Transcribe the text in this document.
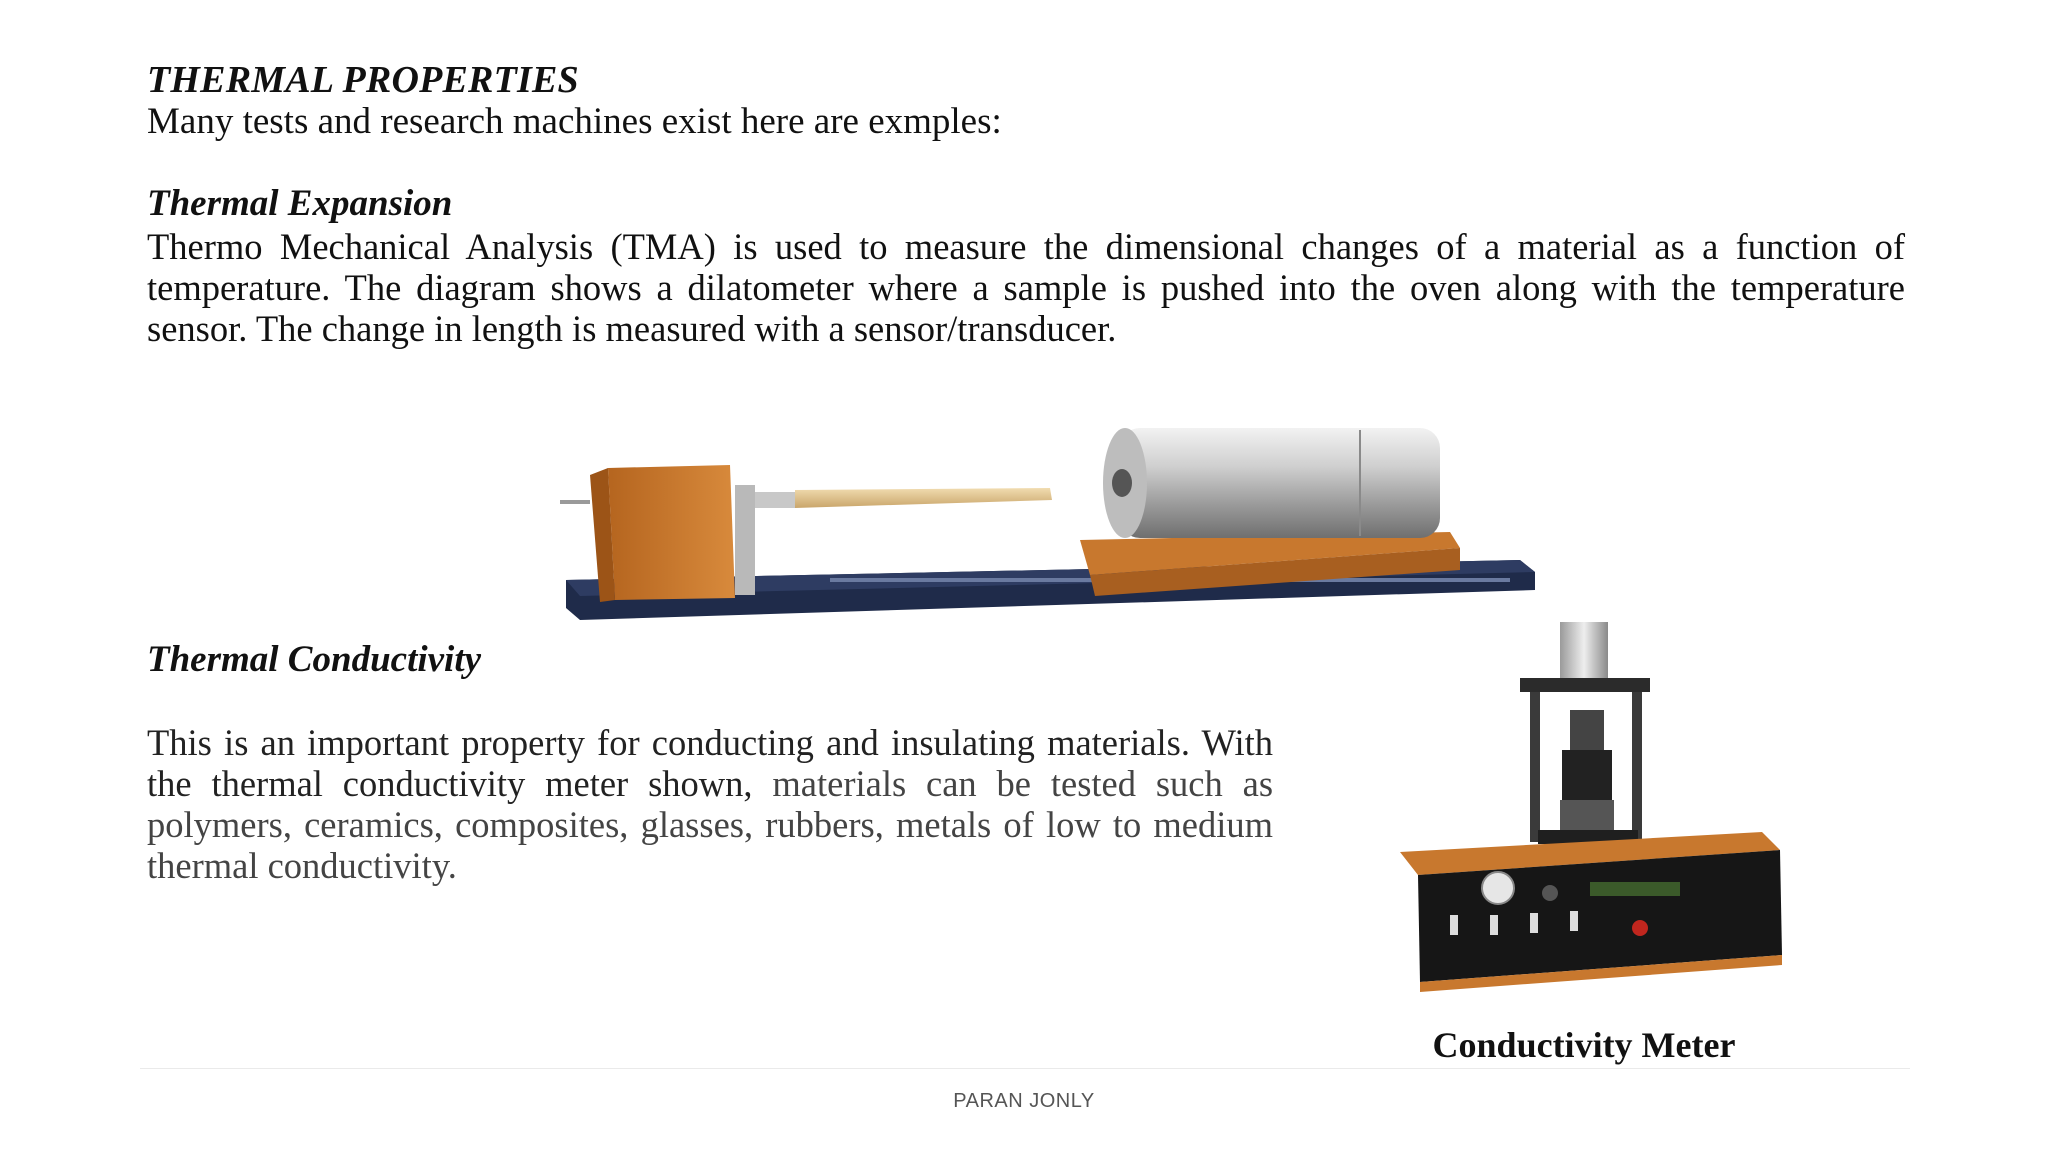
THERMAL PROPERTIES

Many tests and research machines exist here are exmples:

Thermal Expansion

Thermo Mechanical Analysis (TMA) is used to measure the dimensional changes of a material as a function of temperature. The diagram shows a dilatometer where a sample is pushed into the oven along with the temperature sensor. The change in length is measured with a sensor/transducer.

Thermal Conductivity

This is an important property for conducting and insulating materials. With the thermal conductivity meter shown, materials can be tested such as polymers, ceramics, composites, glasses, rubbers, metals of low to medium thermal conductivity.

Conductivity Meter
PARAN JONLY
